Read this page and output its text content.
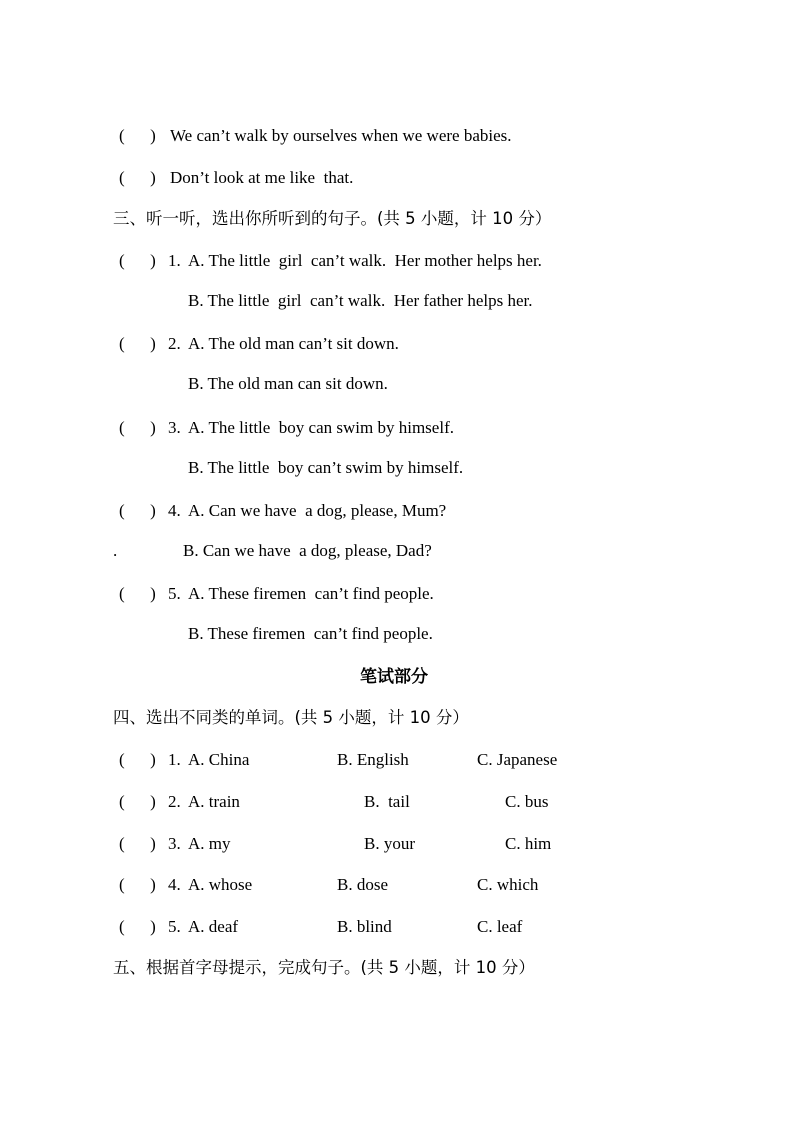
(      ) We can’t walk by ourselves when we were babies.
(      ) Don’t look at me like  that.
三、听一听，选出你所听到的句子。(共 5 小题，计 10 分）
(      ) 1. A. The little  girl  can’t walk.  Her mother helps her.
B. The little  girl  can’t walk.  Her father helps her.
(      ) 2. A. The old man can’t sit down.
B. The old man can sit down.
(      ) 3. A. The little  boy can swim by himself.
B. The little  boy can’t swim by himself.
(      ) 4. A. Can we have  a dog, please, Mum?
.	B. Can we have  a dog, please, Dad?
(      ) 5. A. These firemen  can’t find people.
B. These firemen  can’t find people.
笔试部分
四、选出不同类的单词。(共 5 小题，计 10 分）
(      ) 1. A. China	B. English	C. Japanese
(      ) 2. A. train	B.  tail	C. bus
(      ) 3. A. my	B. your	C. him
(      ) 4. A. whose	B. dose	C. which
(      ) 5. A. deaf	B. blind	C. leaf
五、根据首字母提示，完成句子。(共 5 小题，计 10 分）
